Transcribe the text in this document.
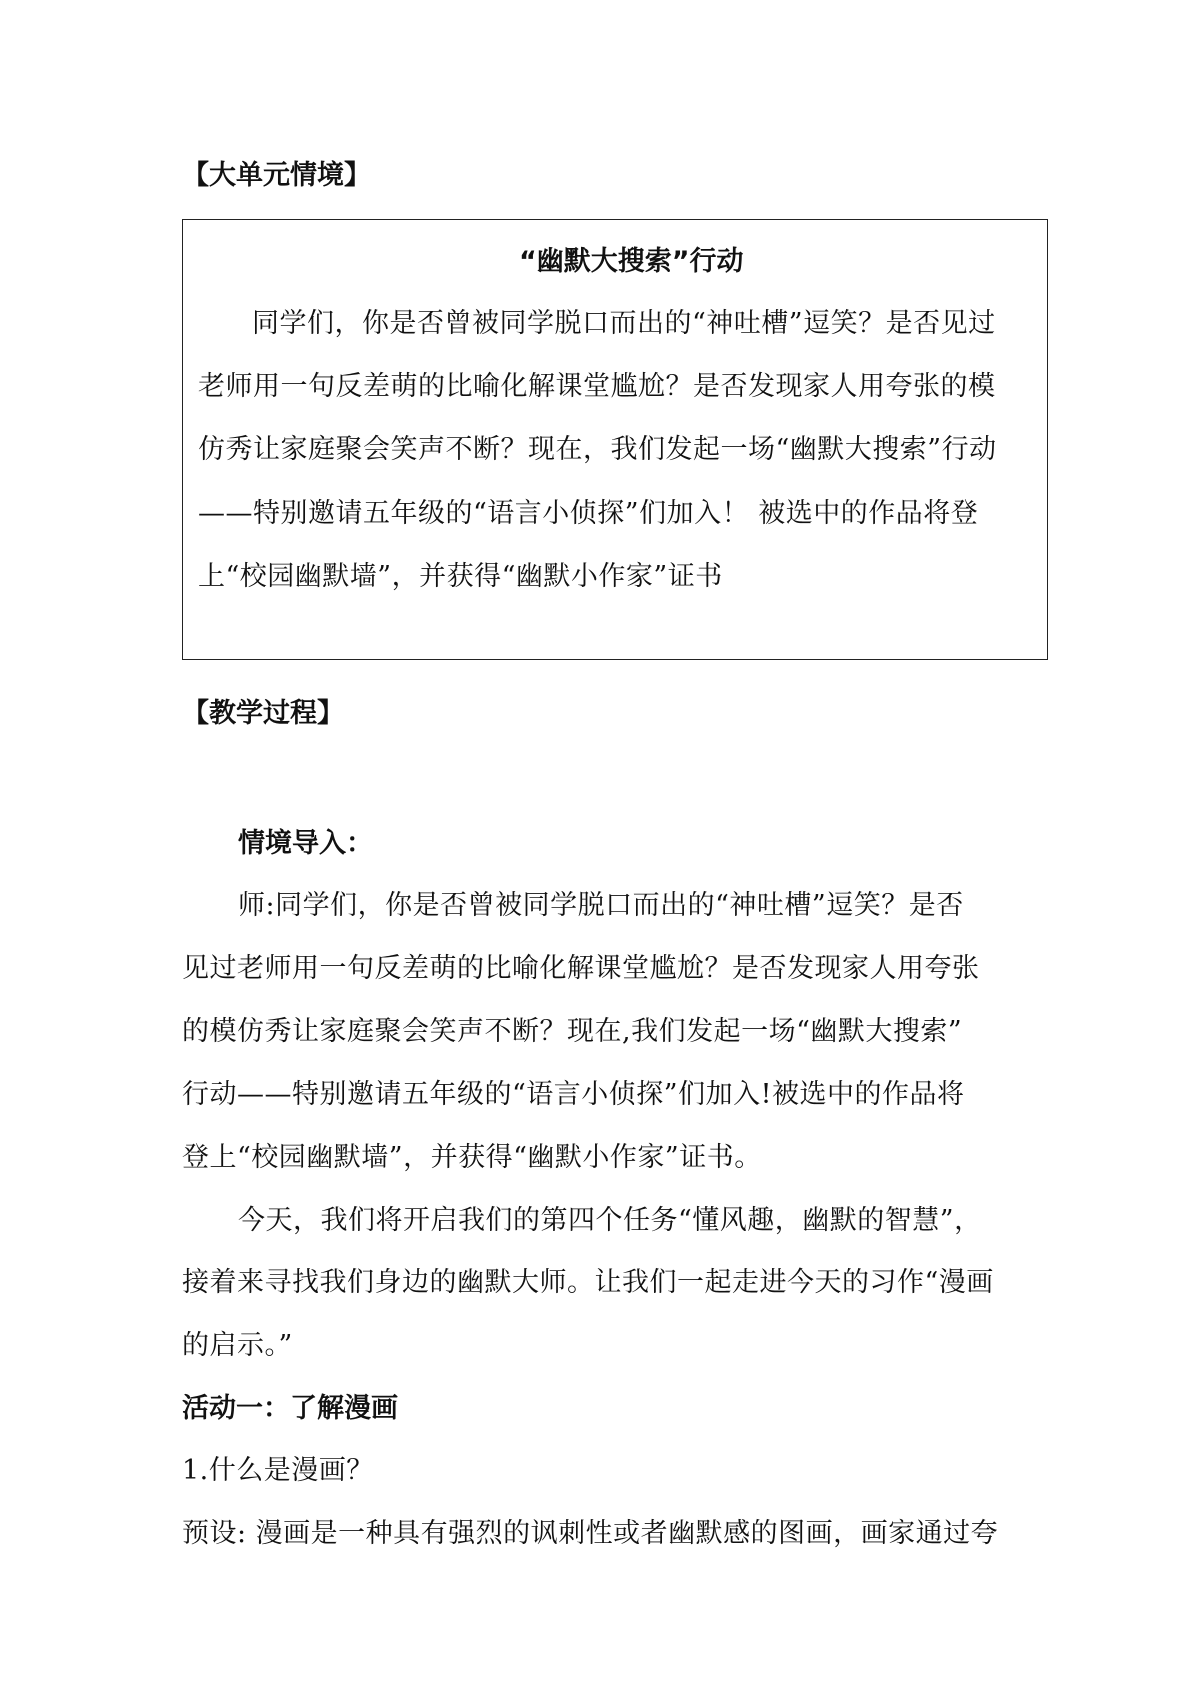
【大单元情境】
“幽默大搜索”行动
同学们，你是否曾被同学脱口而出的“神吐槽”逗笑？是否见过
老师用一句反差萌的比喻化解课堂尴尬？是否发现家人用夸张的模
仿秀让家庭聚会笑声不断？现在，我们发起一场“幽默大搜索”行动
——特别邀请五年级的“语言小侦探”们加入！ 被选中的作品将登
上“校园幽默墙”，并获得“幽默小作家”证书
【教学过程】
情境导入：
师:同学们，你是否曾被同学脱口而出的“神吐槽”逗笑？是否
见过老师用一句反差萌的比喻化解课堂尴尬？是否发现家人用夸张
的模仿秀让家庭聚会笑声不断？现在,我们发起一场“幽默大搜索”
行动——特别邀请五年级的“语言小侦探”们加入!被选中的作品将
登上“校园幽默墙”，并获得“幽默小作家”证书。
今天，我们将开启我们的第四个任务“懂风趣，幽默的智慧”，
接着来寻找我们身边的幽默大师。让我们一起走进今天的习作“漫画
的启示。”
活动一：了解漫画
1.什么是漫画？
预设: 漫画是一种具有强烈的讽刺性或者幽默感的图画，画家通过夸
